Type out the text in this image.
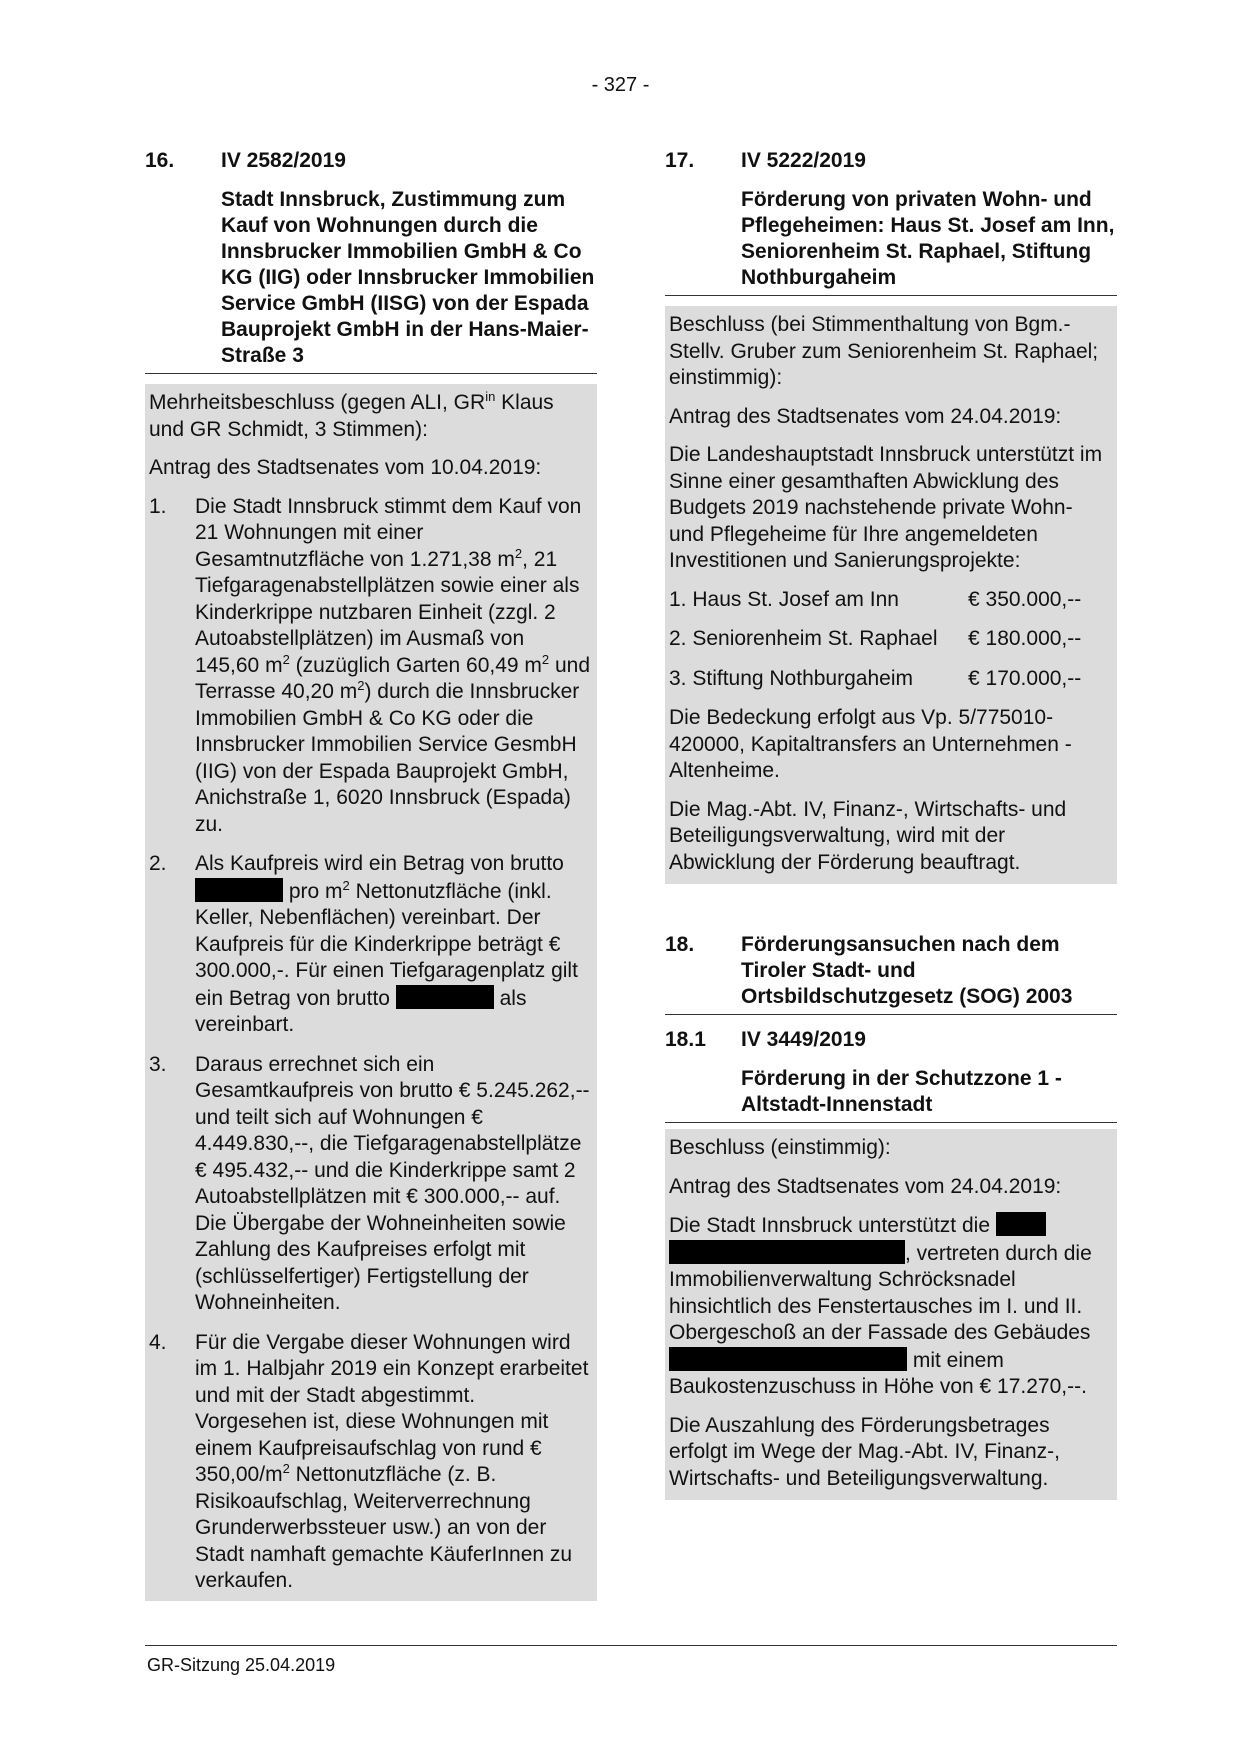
- 327 -
16.	IV 2582/2019
Stadt Innsbruck, Zustimmung zum Kauf von Wohnungen durch die Innsbrucker Immobilien GmbH & Co KG (IIG) oder Innsbrucker Immobilien Service GmbH (IISG) von der Espada Bauprojekt GmbH in der Hans-Maier-Straße 3

Mehrheitsbeschluss (gegen ALI, $GR^{in}$ Klaus und GR Schmidt, 3 Stimmen):

Antrag des Stadtsenates vom 10.04.2019:

1.	Die Stadt Innsbruck stimmt dem Kauf von 21 Wohnungen mit einer Gesamtnutzfläche von 1.271,38 $m^2$, 21 Tiefgaragenabstellplätzen sowie einer als Kinderkrippe nutzbaren Einheit (zzgl. 2 Autoabstellplätzen) im Ausmaß von 145,60 $m^2$ (zuzüglich Garten 60,49 $m^2$ und Terrasse 40,20 $m^2$) durch die Innsbrucker Immobilien GmbH & Co KG oder die Innsbrucker Immobilien Service GesmbH (IIG) von der Espada Bauprojekt GmbH, Anichstraße 1, 6020 Innsbruck (Espada) zu.
2.	Als Kaufpreis wird ein Betrag von brutto  pro $m^2$ Nettonutzfläche (inkl. Keller, Nebenflächen) vereinbart. Der Kaufpreis für die Kinderkrippe beträgt € 300.000,-. Für einen Tiefgaragenplatz gilt ein Betrag von brutto	als vereinbart.
3.	Daraus errechnet sich ein Gesamtkaufpreis von brutto € 5.245.262,-- und teilt sich auf Wohnungen € 4.449.830,--, die Tiefgaragenabstellplätze € 495.432,-- und die Kinderkrippe samt 2 Autoabstellplätzen mit € 300.000,-- auf. Die Übergabe der Wohneinheiten sowie Zahlung des Kaufpreises erfolgt mit (schlüsselfertiger) Fertigstellung der Wohneinheiten.
4.	Für die Vergabe dieser Wohnungen wird im 1. Halbjahr 2019 ein Konzept erarbeitet und mit der Stadt abgestimmt. Vorgesehen ist, diese Wohnungen mit einem Kaufpreisaufschlag von rund € $350,00/m^2$ Nettonutzfläche (z. B. Risikoaufschlag, Weiterverrechnung Grunderwerbssteuer usw.) an von der Stadt namhaft gemachte KäuferInnen zu verkaufen.
17.	IV 5222/2019
Förderung von privaten Wohn- und Pflegeheimen: Haus St. Josef am Inn, Seniorenheim St. Raphael, Stiftung Nothburgaheim

Beschluss (bei Stimmenthaltung von Bgm.-Stellv. Gruber zum Seniorenheim St. Raphael; einstimmig):

Antrag des Stadtsenates vom 24.04.2019:

Die Landeshauptstadt Innsbruck unterstützt im Sinne einer gesamthaften Abwicklung des Budgets 2019 nachstehende private Wohn- und Pflegeheime für Ihre angemeldeten Investitionen und Sanierungsprojekte:

1. Haus St. Josef am Inn	€ 350.000,--
2. Seniorenheim St. Raphael	€ 180.000,--
3. Stiftung Nothburgaheim	€ 170.000,--

Die Bedeckung erfolgt aus Vp. 5/775010-420000, Kapitaltransfers an Unternehmen - Altenheime.

Die Mag.-Abt. IV, Finanz-, Wirtschafts- und Beteiligungsverwaltung, wird mit der Abwicklung der Förderung beauftragt.

18.	Förderungsansuchen nach dem Tiroler Stadt- und Ortsbildschutzgesetz (SOG) 2003
18.1	IV 3449/2019
Förderung in der Schutzzone 1 - Altstadt-Innenstadt

Beschluss (einstimmig):

Antrag des Stadtsenates vom 24.04.2019:

Die Stadt Innsbruck unterstützt die  , vertreten durch die Immobilienverwaltung Schröcksnadel hinsichtlich des Fenstertausches im I. und II. Obergeschoß an der Fassade des Gebäudes  mit einem Baukostenzuschuss in Höhe von € 17.270,--.

Die Auszahlung des Förderungsbetrages erfolgt im Wege der Mag.-Abt. IV, Finanz-, Wirtschafts- und Beteiligungsverwaltung.

GR-Sitzung 25.04.2019
